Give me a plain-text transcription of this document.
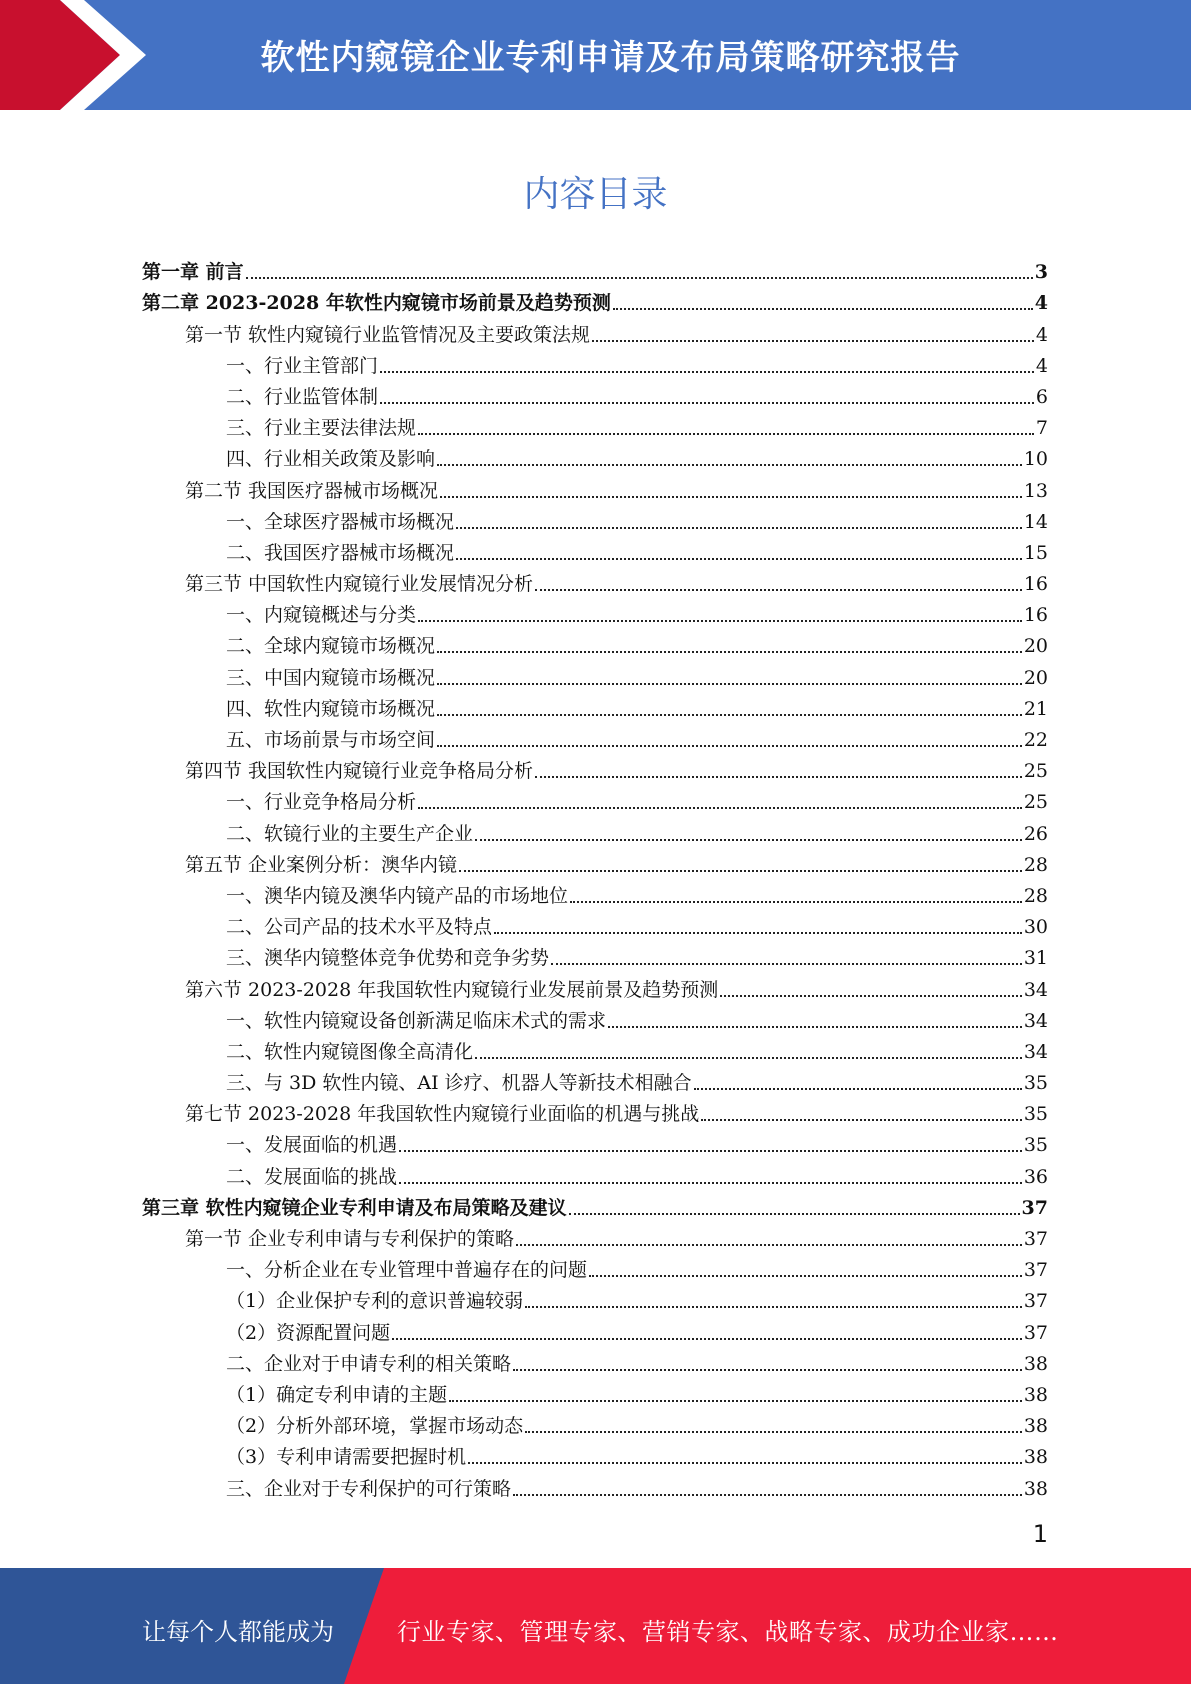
软性内窥镜企业专利申请及布局策略研究报告
内容目录
第一章 前言	3
第二章 2023-2028 年软性内窥镜市场前景及趋势预测	4
第一节 软性内窥镜行业监管情况及主要政策法规	4
一、行业主管部门	4
二、行业监管体制	6
三、行业主要法律法规	7
四、行业相关政策及影响	10
第二节 我国医疗器械市场概况	13
一、全球医疗器械市场概况	14
二、我国医疗器械市场概况	15
第三节 中国软性内窥镜行业发展情况分析	16
一、内窥镜概述与分类	16
二、全球内窥镜市场概况	20
三、中国内窥镜市场概况	20
四、软性内窥镜市场概况	21
五、市场前景与市场空间	22
第四节 我国软性内窥镜行业竞争格局分析	25
一、行业竞争格局分析	25
二、软镜行业的主要生产企业	26
第五节 企业案例分析：澳华内镜	28
一、澳华内镜及澳华内镜产品的市场地位	28
二、公司产品的技术水平及特点	30
三、澳华内镜整体竞争优势和竞争劣势	31
第六节 2023-2028 年我国软性内窥镜行业发展前景及趋势预测	34
一、软性内镜窥设备创新满足临床术式的需求	34
二、软性内窥镜图像全高清化	34
三、与 3D 软性内镜、AI 诊疗、机器人等新技术相融合	35
第七节 2023-2028 年我国软性内窥镜行业面临的机遇与挑战	35
一、发展面临的机遇	35
二、发展面临的挑战	36
第三章 软性内窥镜企业专利申请及布局策略及建议	37
第一节 企业专利申请与专利保护的策略	37
一、分析企业在专业管理中普遍存在的问题	37
（1）企业保护专利的意识普遍较弱	37
（2）资源配置问题	37
二、企业对于申请专利的相关策略	38
（1）确定专利申请的主题	38
（2）分析外部环境，掌握市场动态	38
（3）专利申请需要把握时机	38
三、企业对于专利保护的可行策略	38
1
让每个人都能成为	行业专家、管理专家、营销专家、战略专家、成功企业家……
